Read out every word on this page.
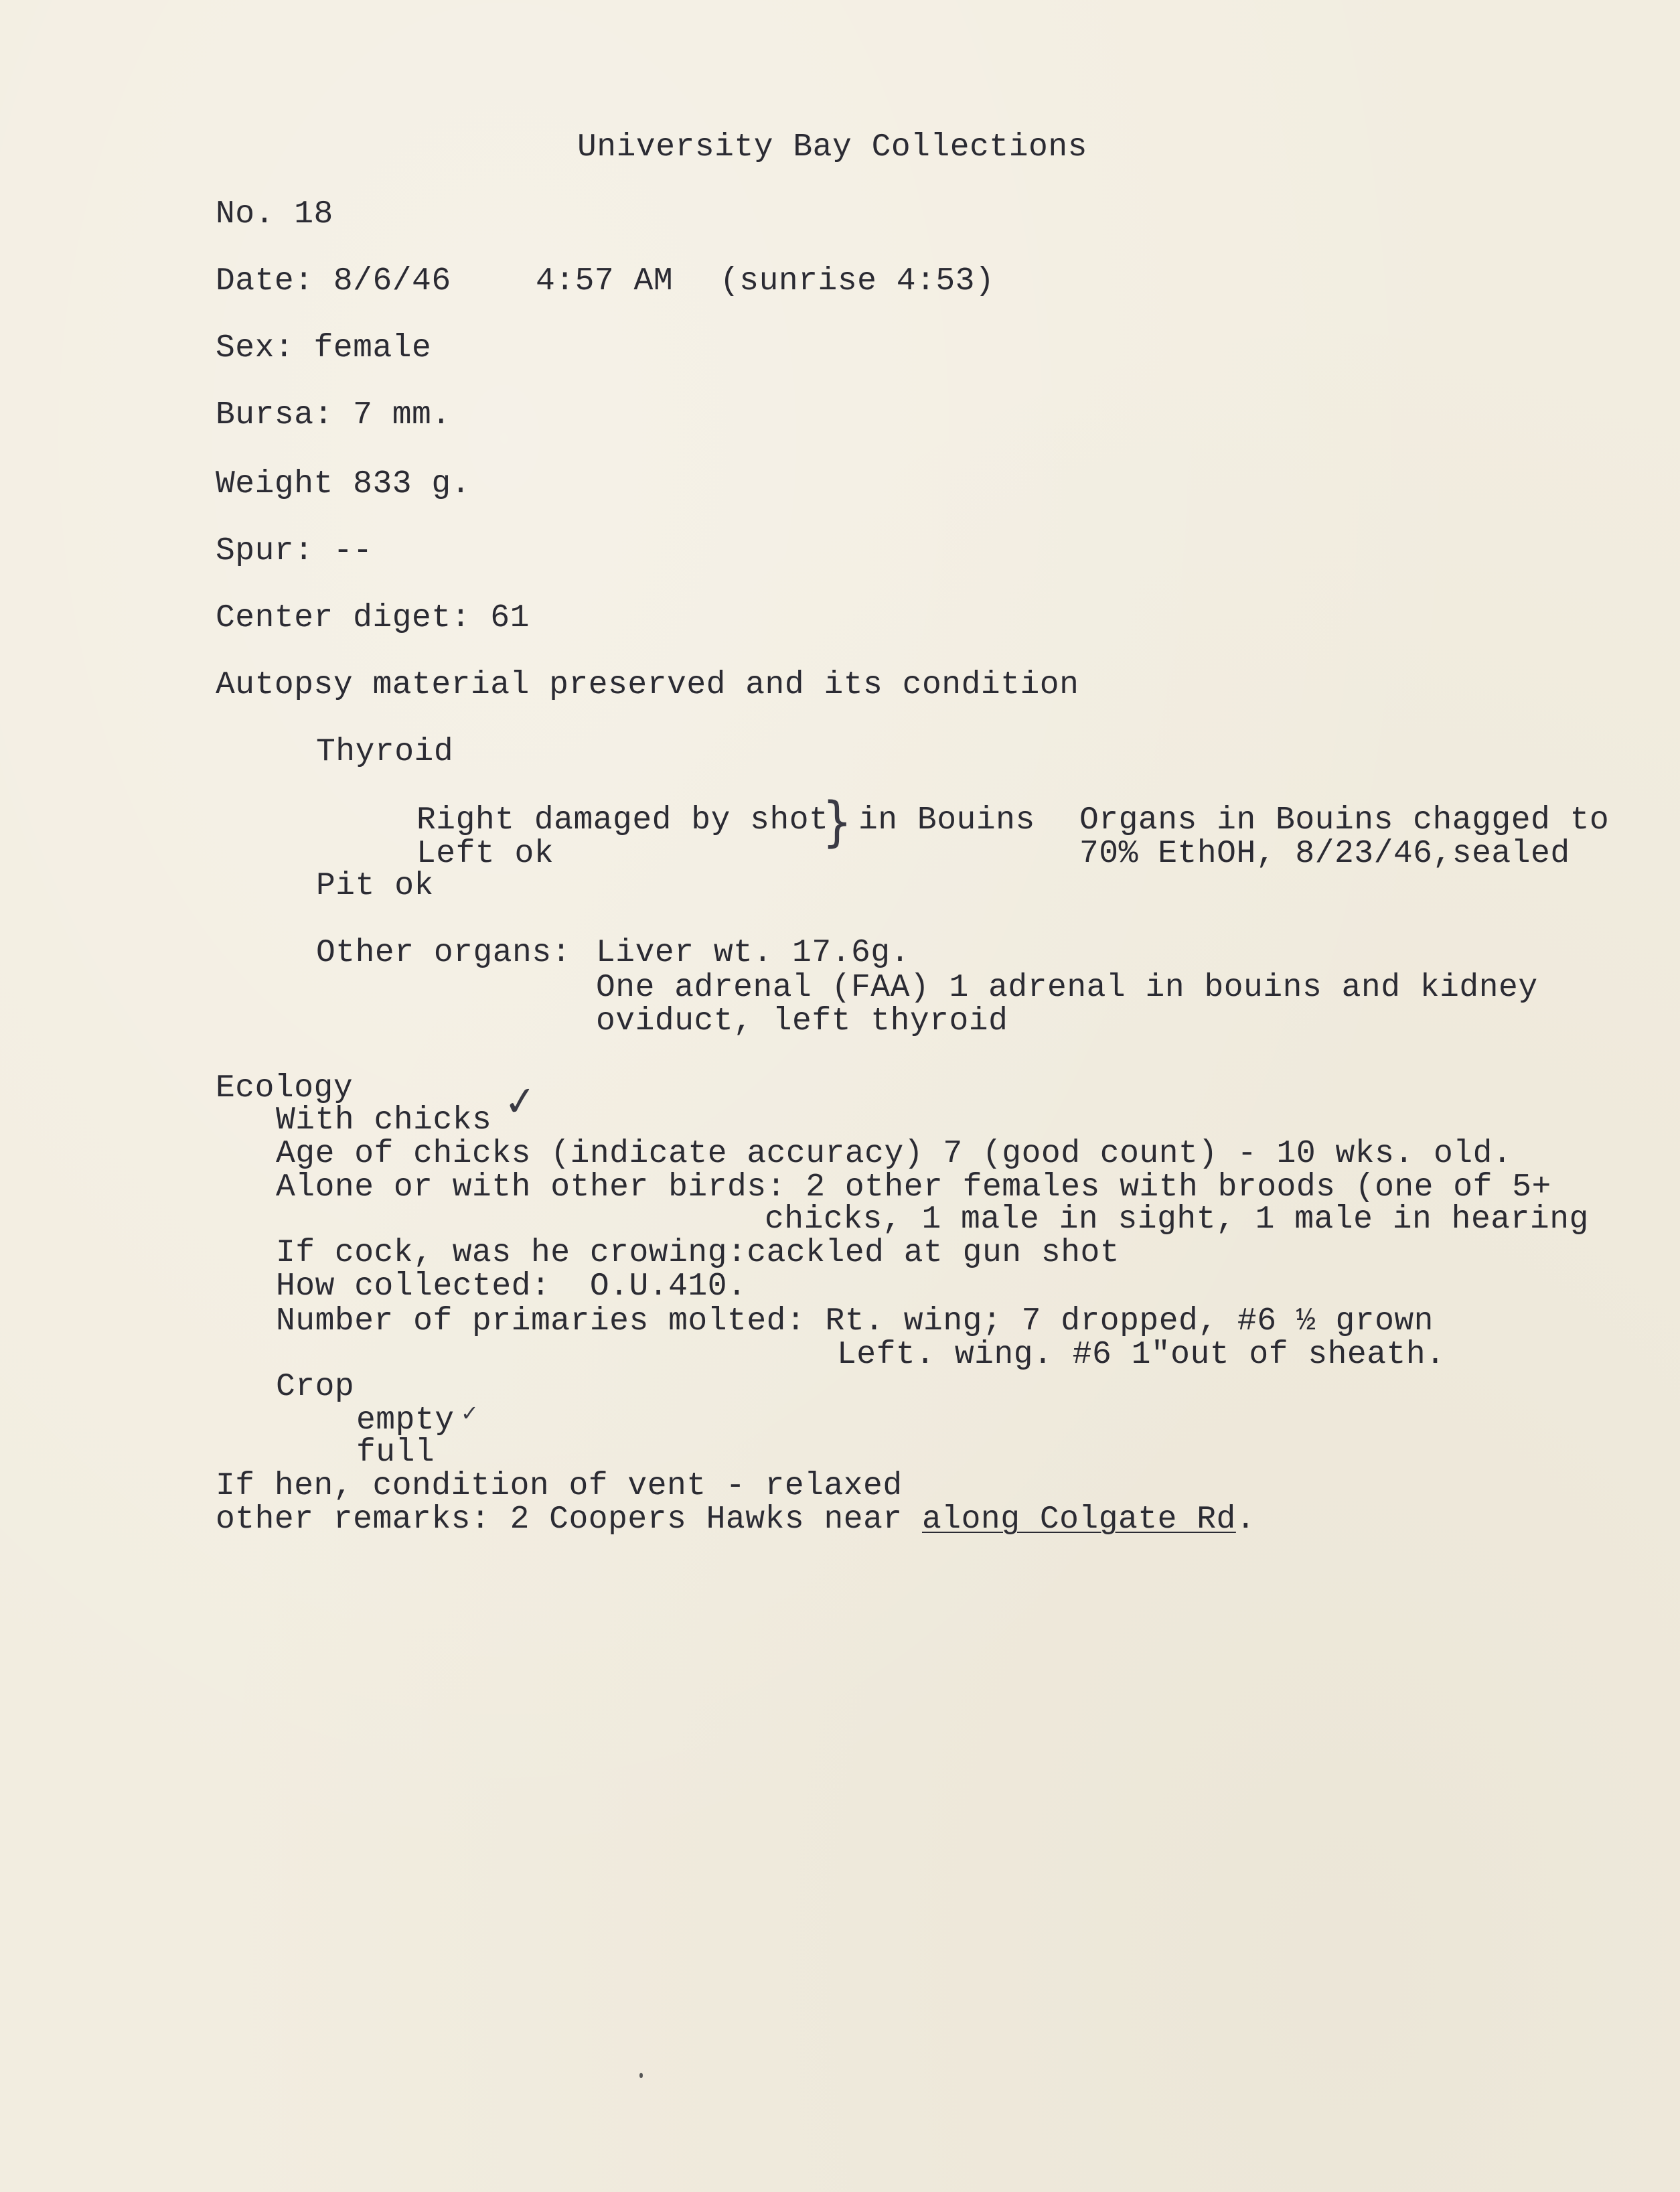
University Bay Collections
No. 18
Date: 8/6/46	4:57 AM (sunrise 4:53)
Sex: female
Bursa: 7 mm.
Weight 833 g.
Spur: --
Center diget: 61
Autopsy material preserved and its condition
Thyroid
Right damaged by shot
} in Bouins Organs in Bouins chagged to
Left ok	70% EthOH, 8/23/46,sealed
Pit ok
Other organs: Liver wt. 17.6g.
One adrenal (FAA) 1 adrenal in bouins and kidney
oviduct, left thyroid
Ecology
With chicks ✓
Age of chicks (indicate accuracy) 7 (good count) - 10 wks. old.
Alone or with other birds: 2 other females with broods (one of 5+
chicks, 1 male in sight, 1 male in hearing
If cock, was he crowing:cackled at gun shot
How collected:  O.U.410.
Number of primaries molted: Rt. wing; 7 dropped, #6 ½ grown
Left. wing. #6 1"out of sheath.
Crop
empty ✓
full
If hen, condition of vent - relaxed
other remarks: 2 Coopers Hawks near along Colgate Rd.
